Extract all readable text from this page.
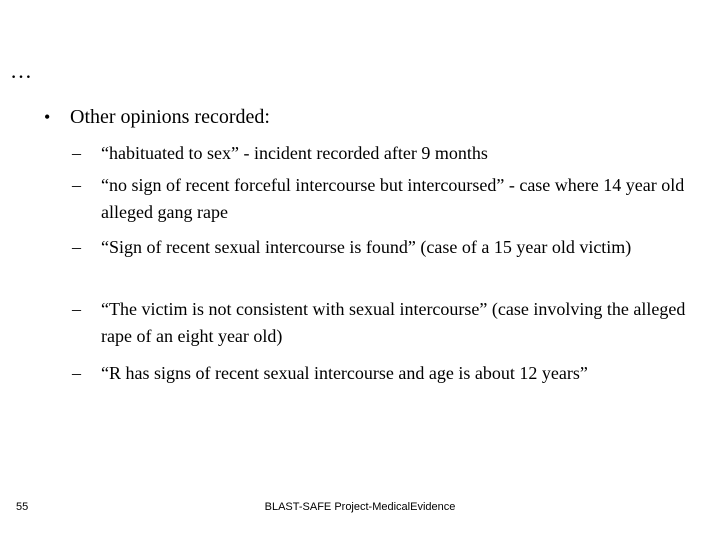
…
• Other opinions recorded:
–	“habituated to sex” - incident recorded after 9 months
–	“no sign of recent forceful intercourse but intercoursed” - case where 14 year old alleged gang rape
–	“Sign of recent sexual intercourse is found” (case of a 15 year old victim)
–	“The victim is not consistent with sexual intercourse” (case involving the alleged rape of an eight year old)
–	“R has signs of recent sexual intercourse and age is about 12 years”
BLAST-SAFE Project-MedicalEvidence
55
